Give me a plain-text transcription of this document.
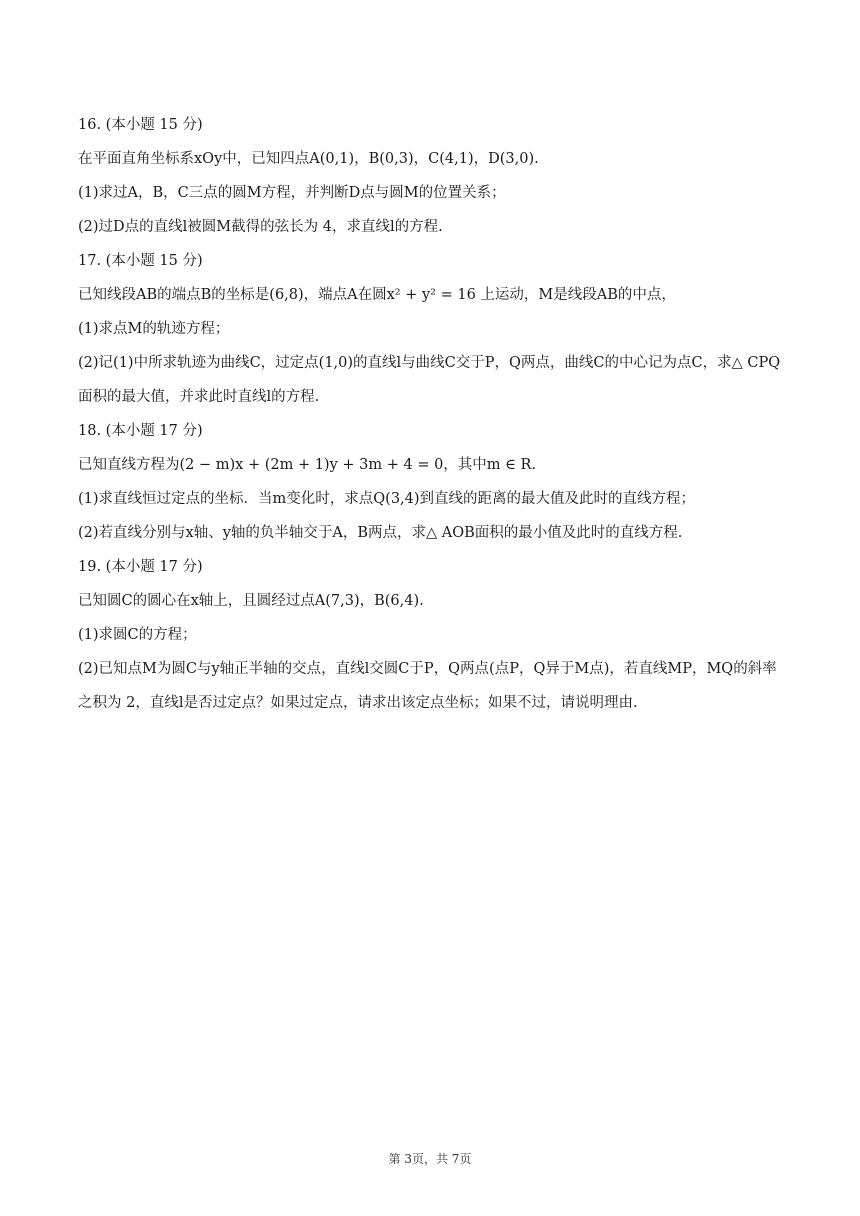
16. (本小题 15 分)
在平面直角坐标系xOy中，已知四点A(0,1)，B(0,3)，C(4,1)，D(3,0).
(1)求过A，B，C三点的圆M方程，并判断D点与圆M的位置关系；
(2)过D点的直线l被圆M截得的弦长为 4，求直线l的方程.
17. (本小题 15 分)
已知线段AB的端点B的坐标是(6,8)，端点A在圆x² + y² = 16 上运动，M是线段AB的中点，
(1)求点M的轨迹方程；
(2)记(1)中所求轨迹为曲线C，过定点(1,0)的直线l与曲线C交于P，Q两点，曲线C的中心记为点C，求△ CPQ
面积的最大值，并求此时直线l的方程.
18. (本小题 17 分)
已知直线方程为(2 − m)x + (2m + 1)y + 3m + 4 = 0，其中m ∈ R.
(1)求直线恒过定点的坐标．当m变化时，求点Q(3,4)到直线的距离的最大值及此时的直线方程；
(2)若直线分别与x轴、y轴的负半轴交于A，B两点，求△ AOB面积的最小值及此时的直线方程.
19. (本小题 17 分)
已知圆C的圆心在x轴上，且圆经过点A(7,3)，B(6,4).
(1)求圆C的方程；
(2)已知点M为圆C与y轴正半轴的交点，直线l交圆C于P，Q两点(点P，Q异于M点)，若直线MP，MQ的斜率
之积为 2，直线l是否过定点？如果过定点，请求出该定点坐标；如果不过，请说明理由.
第 3页，共 7页
